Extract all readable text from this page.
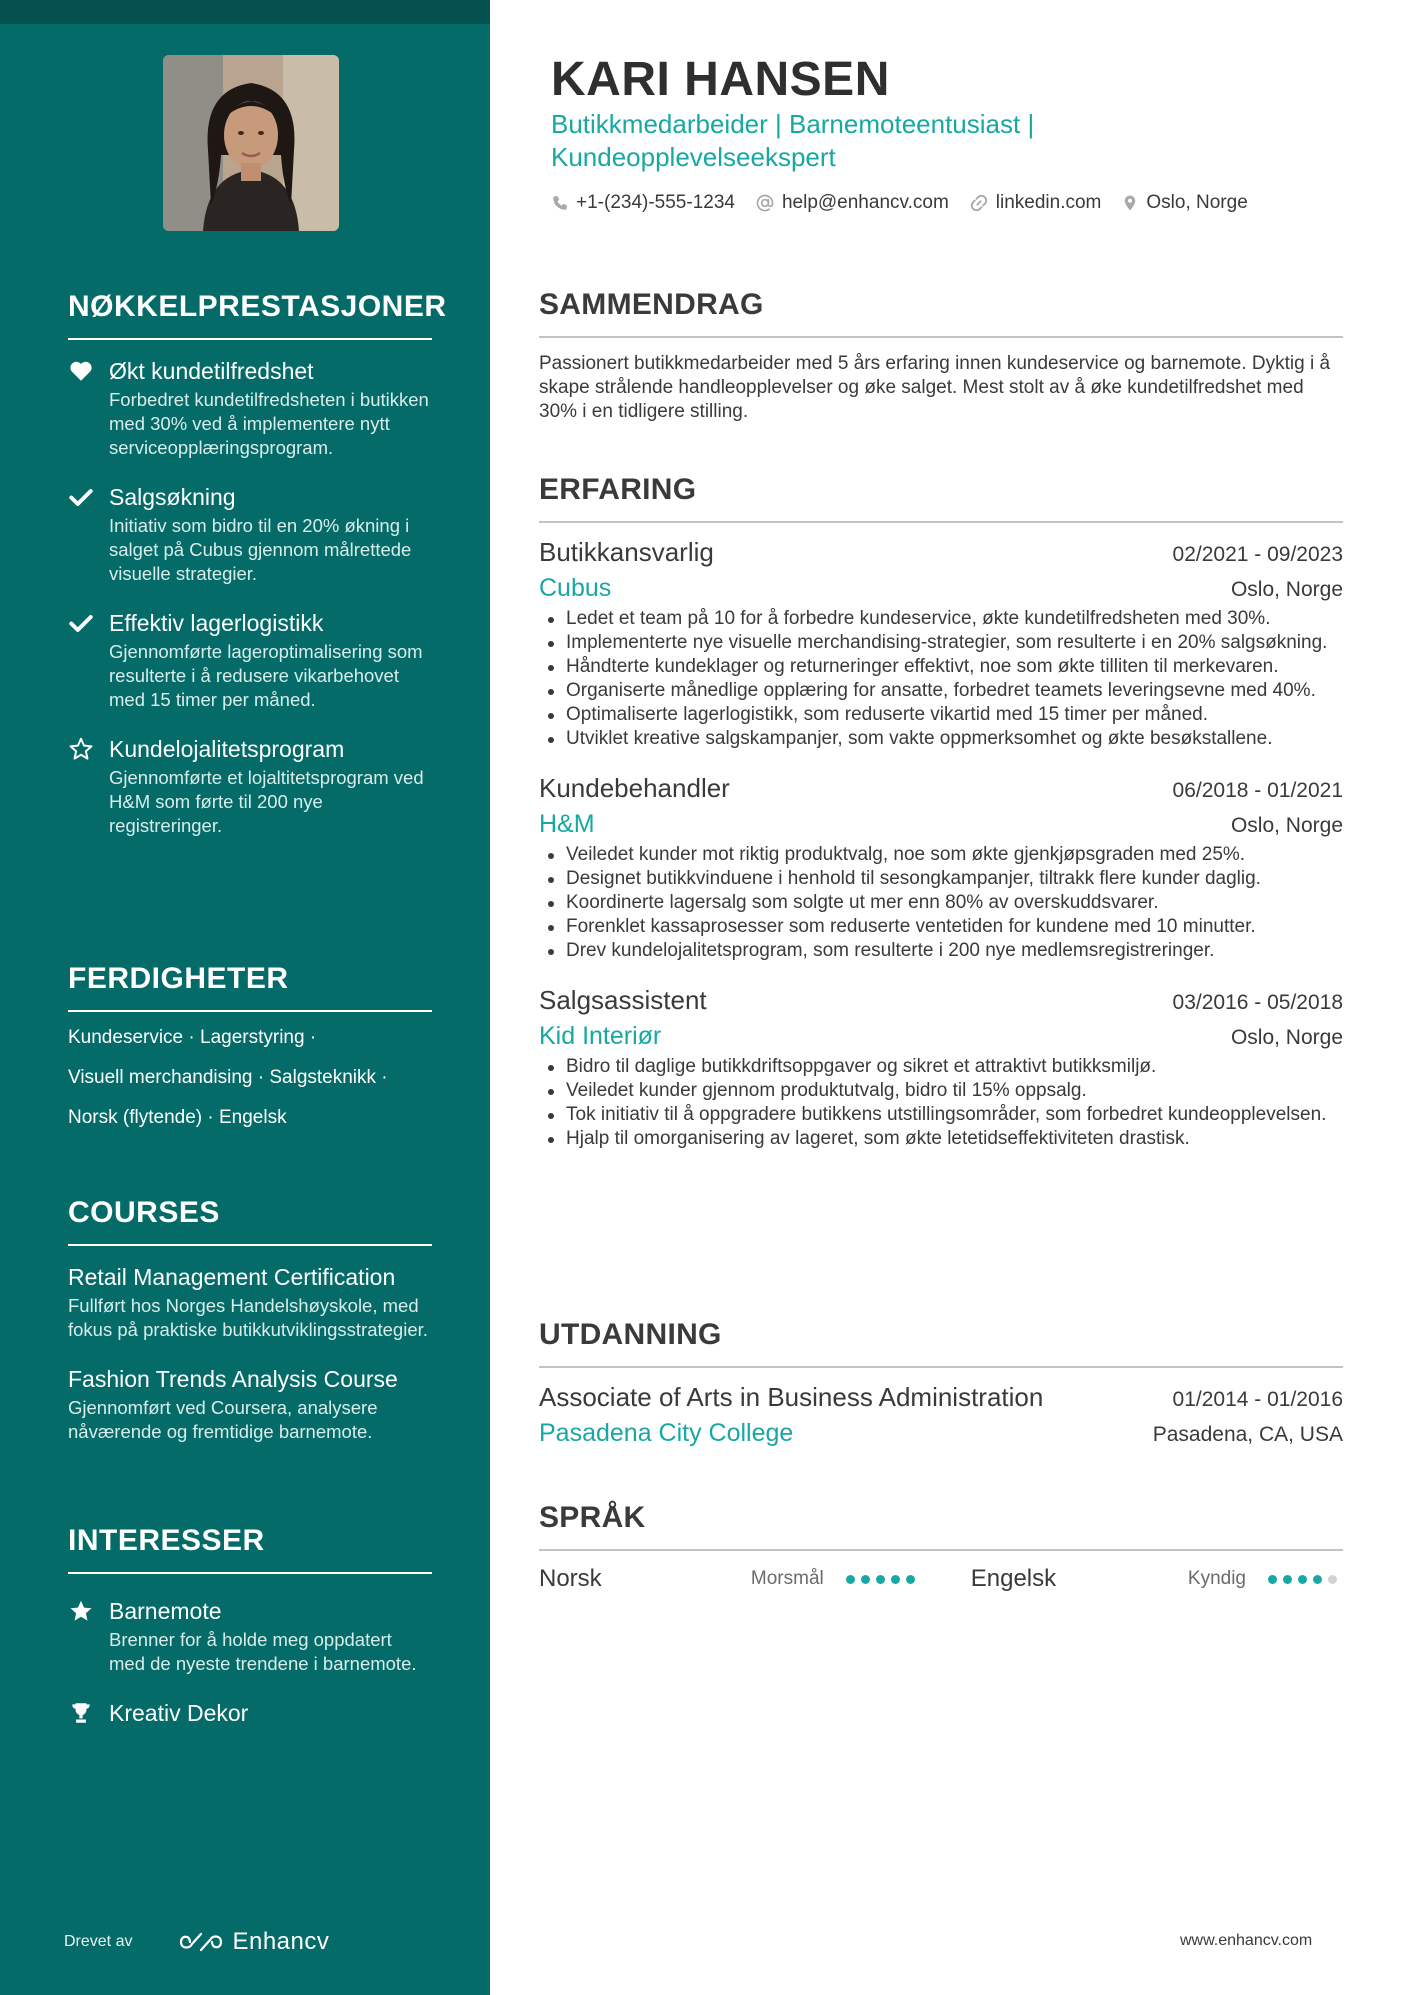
NØKKELPRESTASJONER
Økt kundetilfredshet
Forbedret kundetilfredsheten i butikken med 30% ved å implementere nytt serviceopplæringsprogram.
Salgsøkning
Initiativ som bidro til en 20% økning i salget på Cubus gjennom målrettede visuelle strategier.
Effektiv lagerlogistikk
Gjennomførte lageroptimalisering som resulterte i å redusere vikarbehovet med 15 timer per måned.
Kundelojalitetsprogram
Gjennomførte et lojaltitetsprogram ved H&M som førte til 200 nye registreringer.
FERDIGHETER
Kundeservice · Lagerstyring ·
Visuell merchandising · Salgsteknikk ·
Norsk (flytende) · Engelsk
COURSES
Retail Management Certification
Fullført hos Norges Handelshøyskole, med fokus på praktiske butikkutviklingsstrategier.
Fashion Trends Analysis Course
Gjennomført ved Coursera, analysere nåværende og fremtidige barnemote.
INTERESSER
Barnemote
Brenner for å holde meg oppdatert med de nyeste trendene i barnemote.
Kreativ Dekor
Drevet av	Enhancv
KARI HANSEN
Butikkmedarbeider | Barnemoteentusiast | Kundeopplevelseekspert
+1-(234)-555-1234 help@enhancv.com linkedin.com Oslo, Norge
SAMMENDRAG

Passionert butikkmedarbeider med 5 års erfaring innen kundeservice og barnemote. Dyktig i å skape strålende handleopplevelser og øke salget. Mest stolt av å øke kundetilfredshet med 30% i en tidligere stilling.

ERFARING
Butikkansvarlig	02/2021 - 09/2023
Cubus	Oslo, Norge
Ledet et team på 10 for å forbedre kundeservice, økte kundetilfredsheten med 30%.
Implementerte nye visuelle merchandising-strategier, som resulterte i en 20% salgsøkning.
Håndterte kundeklager og returneringer effektivt, noe som økte tilliten til merkevaren.
Organiserte månedlige opplæring for ansatte, forbedret teamets leveringsevne med 40%.
Optimaliserte lagerlogistikk, som reduserte vikartid med 15 timer per måned.
Utviklet kreative salgskampanjer, som vakte oppmerksomhet og økte besøkstallene.
Kundebehandler	06/2018 - 01/2021
H&M	Oslo, Norge
Veiledet kunder mot riktig produktvalg, noe som økte gjenkjøpsgraden med 25%.
Designet butikkvinduene i henhold til sesongkampanjer, tiltrakk flere kunder daglig.
Koordinerte lagersalg som solgte ut mer enn 80% av overskuddsvarer.
Forenklet kassaprosesser som reduserte ventetiden for kundene med 10 minutter.
Drev kundelojalitetsprogram, som resulterte i 200 nye medlemsregistreringer.
Salgsassistent	03/2016 - 05/2018
Kid Interiør	Oslo, Norge
Bidro til daglige butikkdriftsoppgaver og sikret et attraktivt butikksmiljø.
Veiledet kunder gjennom produktutvalg, bidro til 15% oppsalg.
Tok initiativ til å oppgradere butikkens utstillingsområder, som forbedret kundeopplevelsen.
Hjalp til omorganisering av lageret, som økte letetidseffektiviteten drastisk.
UTDANNING
Associate of Arts in Business Administration	01/2014 - 01/2016
Pasadena City College	Pasadena, CA, USA
SPRÅK
Norsk	Morsmål	Engelsk	Kyndig
www.enhancv.com
